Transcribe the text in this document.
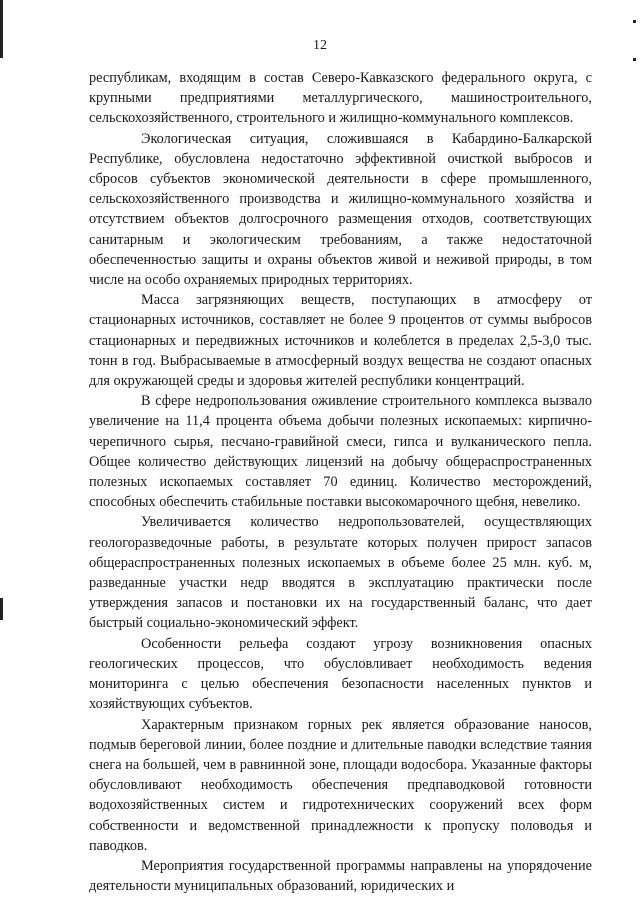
12

республикам, входящим в состав Северо-Кавказского федерального округа, с крупными предприятиями металлургического, машиностроительного, сельскохозяйственного, строительного и жилищно-коммунального комплексов.

Экологическая ситуация, сложившаяся в Кабардино-Балкарской Республике, обусловлена недостаточно эффективной очисткой выбросов и сбросов субъектов экономической деятельности в сфере промышленного, сельскохозяйственного производства и жилищно-коммунального хозяйства и отсутствием объектов долгосрочного размещения отходов, соответствующих санитарным и экологическим требованиям, а также недостаточной обеспеченностью защиты и охраны объектов живой и неживой природы, в том числе на особо охраняемых природных территориях.

Масса загрязняющих веществ, поступающих в атмосферу от стационарных источников, составляет не более 9 процентов от суммы выбросов стационарных и передвижных источников и колеблется в пределах 2,5-3,0 тыс. тонн в год. Выбрасываемые в атмосферный воздух вещества не создают опасных для окружающей среды и здоровья жителей республики концентраций.

В сфере недропользования оживление строительного комплекса вызвало увеличение на 11,4 процента объема добычи полезных ископаемых: кирпично-черепичного сырья, песчано-гравийной смеси, гипса и вулканического пепла. Общее количество действующих лицензий на добычу общераспространенных полезных ископаемых составляет 70 единиц. Количество месторождений, способных обеспечить стабильные поставки высокомарочного щебня, невелико.

Увеличивается количество недропользователей, осуществляющих геологоразведочные работы, в результате которых получен прирост запасов общераспространенных полезных ископаемых в объеме более 25 млн. куб. м, разведанные участки недр вводятся в эксплуатацию практически после утверждения запасов и постановки их на государственный баланс, что дает быстрый социально-экономический эффект.

Особенности рельефа создают угрозу возникновения опасных геологических процессов, что обусловливает необходимость ведения мониторинга с целью обеспечения безопасности населенных пунктов и хозяйствующих субъектов.

Характерным признаком горных рек является образование наносов, подмыв береговой линии, более поздние и длительные паводки вследствие таяния снега на большей, чем в равнинной зоне, площади водосбора. Указанные факторы обусловливают необходимость обеспечения предпаводковой готовности водохозяйственных систем и гидротехнических сооружений всех форм собственности и ведомственной принадлежности к пропуску половодья и паводков.

Мероприятия государственной программы направлены на упорядочение деятельности муниципальных образований, юридических и
